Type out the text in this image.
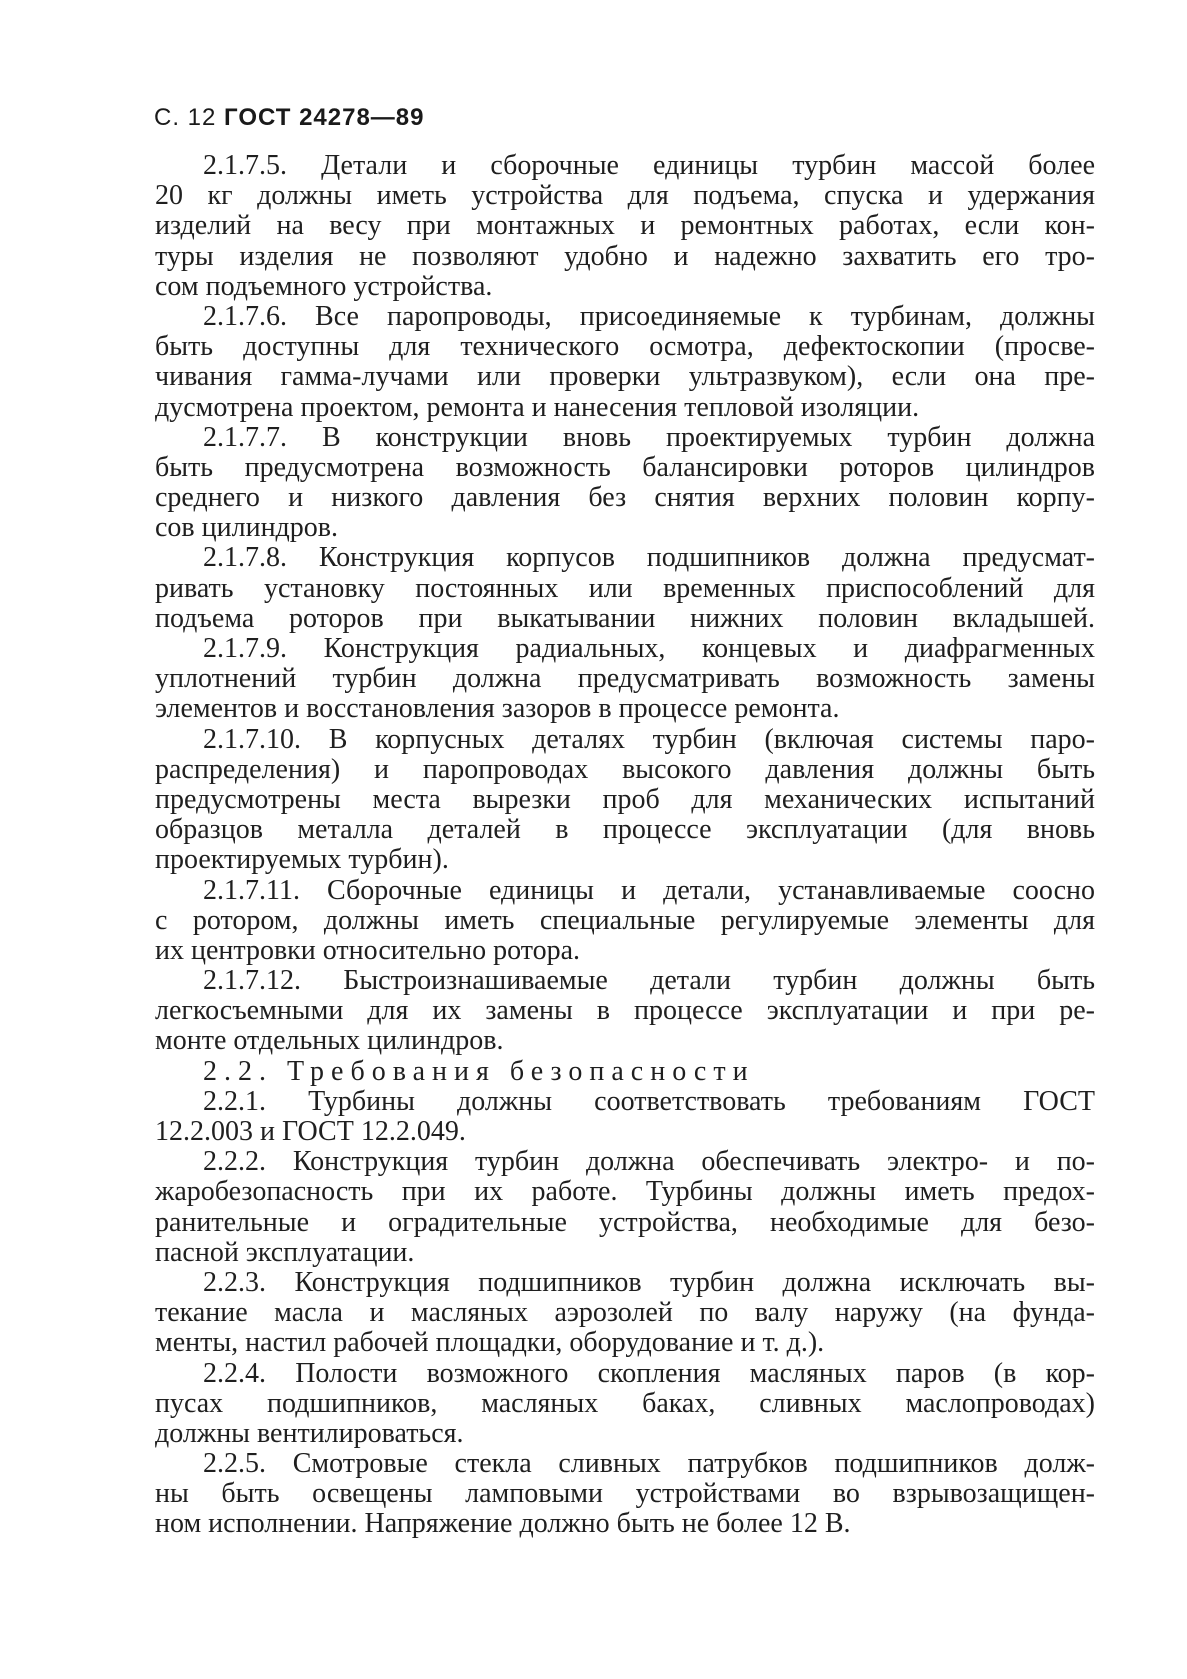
С. 12 ГОСТ 24278—89
2.1.7.5. Детали и сборочные единицы турбин массой более
20 кг должны иметь устройства для подъема, спуска и удержания
изделий на весу при монтажных и ремонтных работах, если кон-
туры изделия не позволяют удобно и надежно захватить его тро-
сом подъемного устройства.
2.1.7.6. Все паропроводы, присоединяемые к турбинам, должны
быть доступны для технического осмотра, дефектоскопии (просве-
чивания гамма-лучами или проверки ультразвуком), если она пре-
дусмотрена проектом, ремонта и нанесения тепловой изоляции.
2.1.7.7. В конструкции вновь проектируемых турбин должна
быть предусмотрена возможность балансировки роторов цилиндров
среднего и низкого давления без снятия верхних половин корпу-
сов цилиндров.
2.1.7.8. Конструкция корпусов подшипников должна предусмат-
ривать установку постоянных или временных приспособлений для
подъема роторов при выкатывании нижних половин вкладышей.
2.1.7.9. Конструкция радиальных, концевых и диафрагменных
уплотнений турбин должна предусматривать возможность замены
элементов и восстановления зазоров в процессе ремонта.
2.1.7.10. В корпусных деталях турбин (включая системы паро-
распределения) и паропроводах высокого давления должны быть
предусмотрены места вырезки проб для механических испытаний
образцов металла деталей в процессе эксплуатации (для вновь
проектируемых турбин).
2.1.7.11. Сборочные единицы и детали, устанавливаемые соосно
с ротором, должны иметь специальные регулируемые элементы для
их центровки относительно ротора.
2.1.7.12. Быстроизнашиваемые детали турбин должны быть
легкосъемными для их замены в процессе эксплуатации и при ре-
монте отдельных цилиндров.
2.2. Требования безопасности
2.2.1. Турбины должны соответствовать требованиям ГОСТ
12.2.003 и ГОСТ 12.2.049.
2.2.2. Конструкция турбин должна обеспечивать электро- и по-
жаробезопасность при их работе. Турбины должны иметь предох-
ранительные и оградительные устройства, необходимые для безо-
пасной эксплуатации.
2.2.3. Конструкция подшипников турбин должна исключать вы-
текание масла и масляных аэрозолей по валу наружу (на фунда-
менты, настил рабочей площадки, оборудование и т. д.).
2.2.4. Полости возможного скопления масляных паров (в кор-
пусах подшипников, масляных баках, сливных маслопроводах)
должны вентилироваться.
2.2.5. Смотровые стекла сливных патрубков подшипников долж-
ны быть освещены ламповыми устройствами во взрывозащищен-
ном исполнении. Напряжение должно быть не более 12 В.
